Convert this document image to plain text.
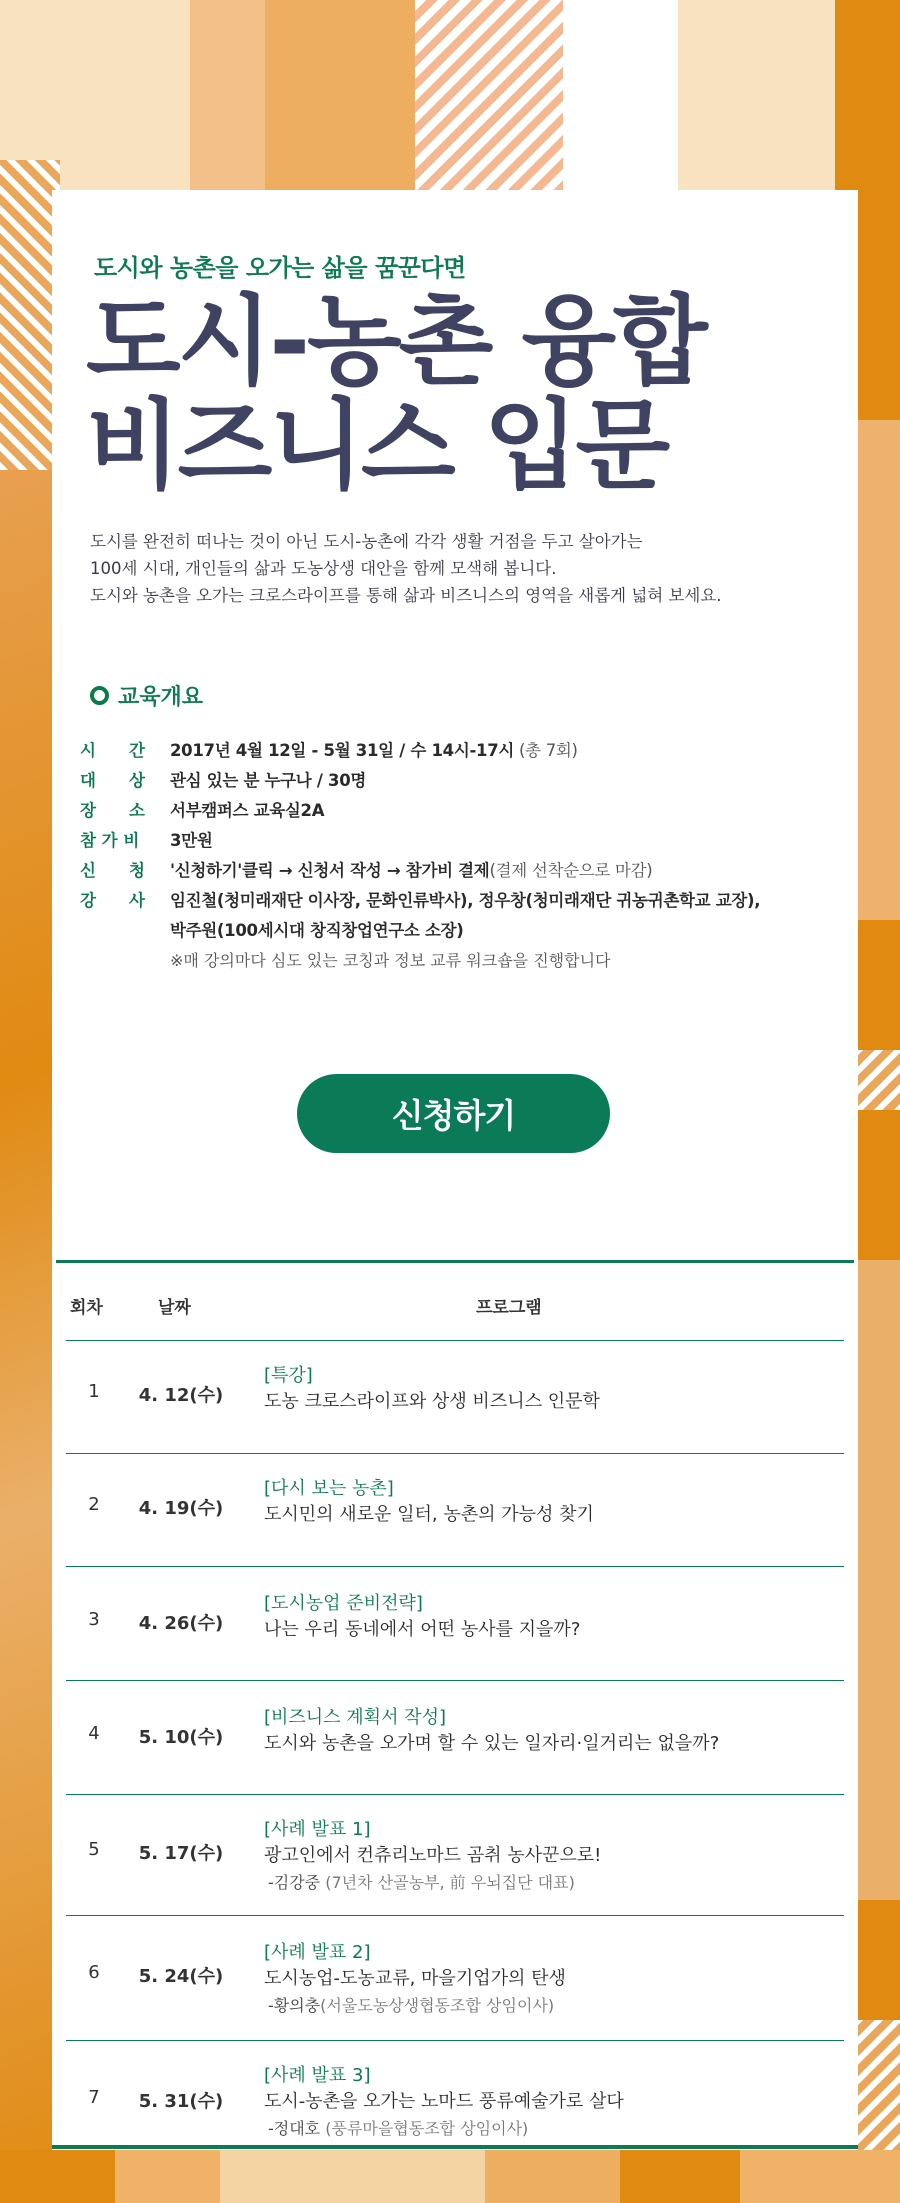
도시와 농촌을 오가는 삶을 꿈꾼다면
도시-농촌 융합
비즈니스 입문
도시를 완전히 떠나는 것이 아닌 도시-농촌에 각각 생활 거점을 두고 살아가는
100세 시대, 개인들의 삶과 도농상생 대안을 함께 모색해 봅니다.
도시와 농촌을 오가는 크로스라이프를 통해 삶과 비즈니스의 영역을 새롭게 넓혀 보세요.
교육개요
시　　간	2017년 4월 12일 - 5월 31일 / 수 14시-17시 (총 7회)
대　　상	관심 있는 분 누구나 / 30명
장　　소	서부캠퍼스 교육실2A
참 가 비	3만원
신　　청	'신청하기'클릭 → 신청서 작성 → 참가비 결제(결제 선착순으로 마감)
강　　사	임진철(청미래재단 이사장, 문화인류박사), 정우창(청미래재단 귀농귀촌학교 교장),
박주원(100세시대 창직창업연구소 소장)
※매 강의마다 심도 있는 코칭과 정보 교류 워크숍을 진행합니다
신청하기
회차	날짜	프로그램
1	4. 12(수)
[특강]
도농 크로스라이프와 상생 비즈니스 인문학
2	4. 19(수)
[다시 보는 농촌]
도시민의 새로운 일터, 농촌의 가능성 찾기
3	4. 26(수)
[도시농업 준비전략]
나는 우리 동네에서 어떤 농사를 지을까?
4	5. 10(수)
[비즈니스 계획서 작성]
도시와 농촌을 오가며 할 수 있는 일자리·일거리는 없을까?
5	5. 17(수)
[사례 발표 1]
광고인에서 컨츄리노마드 곰취 농사꾼으로!
-김강중 (7년차 산골농부, 前 우뇌집단 대표)
6	5. 24(수)
[사례 발표 2]
도시농업-도농교류, 마을기업가의 탄생
-황의충(서울도농상생협동조합 상임이사)
7	5. 31(수)
[사례 발표 3]
도시-농촌을 오가는 노마드 풍류예술가로 살다
-정대호 (풍류마을협동조합 상임이사)
